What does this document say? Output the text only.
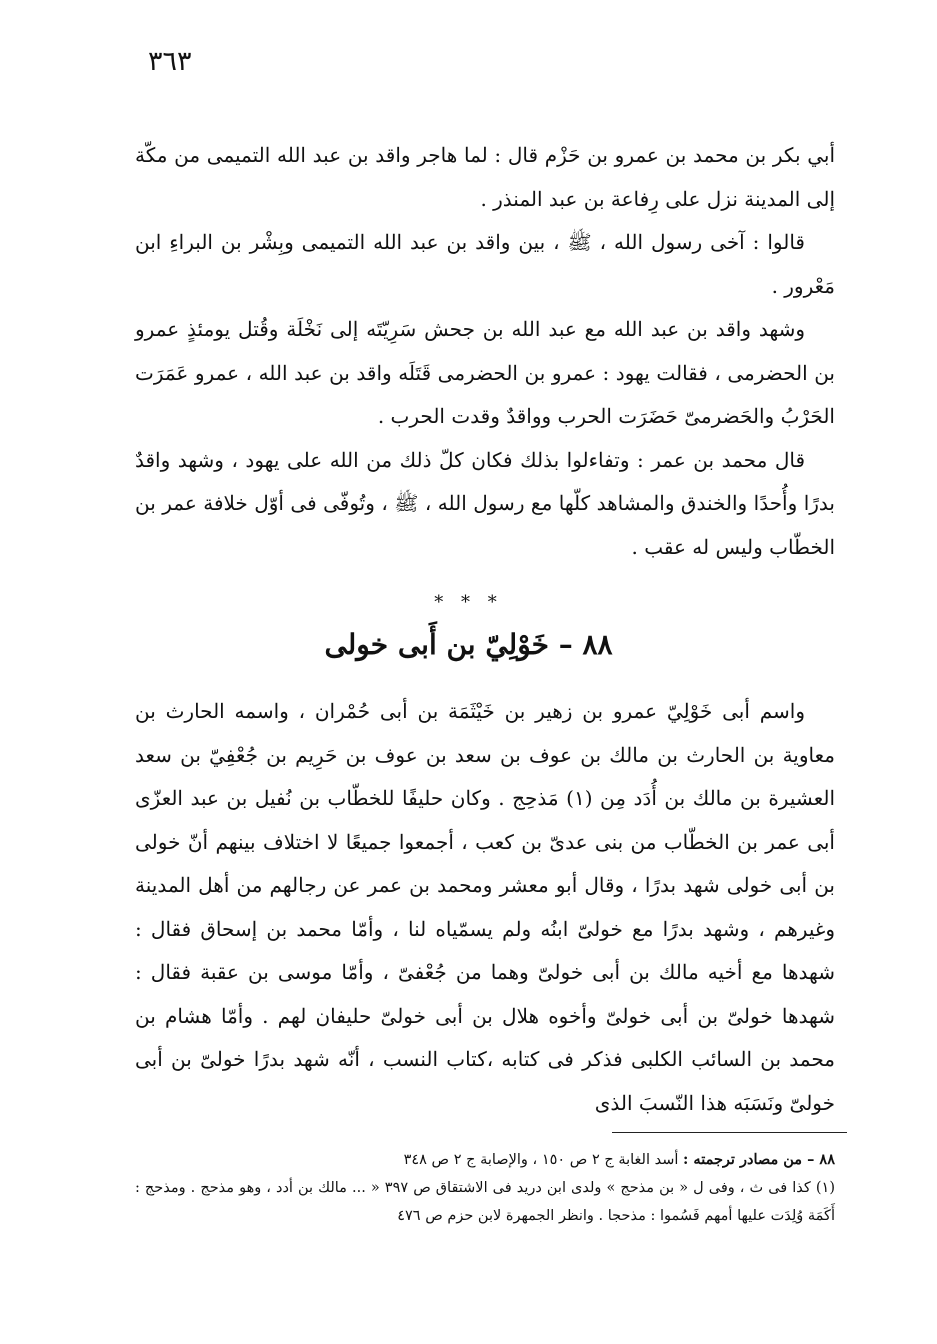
٣٦٣

أبي بكر بن محمد بن عمرو بن حَزْم قال : لما هاجر واقد بن عبد الله التميمى من مكّة إلى المدينة نزل على رِفاعة بن عبد المنذر .

قالوا : آخى رسول الله ، ﷺ ، بين واقد بن عبد الله التميمى وبِشْر بن البراءِ ابن مَعْرور .

وشهد واقد بن عبد الله مع عبد الله بن جحش سَرِيّتَه إلى نَخْلَة وقُتل يومئذٍ عمرو بن الحضرمى ، فقالت يهود : عمرو بن الحضرمى قَتَلَه واقد بن عبد الله ، عمرو عَمَرَت الحَرْبُ والحَضرمىّ حَضَرَت الحرب وواقدٌ وقدت الحرب .

قال محمد بن عمر : وتفاءلوا بذلك فكان كلّ ذلك من الله على يهود ، وشهد واقدٌ بدرًا وأُحدًا والخندق والمشاهد كلّها مع رسول الله ، ﷺ ، وتُوفّى فى أوّل خلافة عمر بن الخطّاب وليس له عقب .

* * *
٨٨ – خَوْلِيّ بن أَبى خولى

واسم أبى خَوْلِيّ عمرو بن زهير بن خَيْثَمَة بن أبى حُمْران ، واسمه الحارث بن معاوية بن الحارث بن مالك بن عوف بن سعد بن عوف بن حَرِيم بن جُعْفِيّ بن سعد العشيرة بن مالك بن أُدَد مِن (١) مَذحِج . وكان حليفًا للخطّاب بن نُفيل بن عبد العزّى أبى عمر بن الخطّاب من بنى عدىّ بن كعب ، أجمعوا جميعًا لا اختلاف بينهم أنّ خولى بن أبى خولى شهد بدرًا ، وقال أبو معشر ومحمد بن عمر عن رجالهم من أهل المدينة وغيرهم ، وشهد بدرًا مع خولىّ ابنُه ولم يسمّياه لنا ، وأمّا محمد بن إسحاق فقال : شهدها مع أخيه مالك بن أبى خولىّ وهما من جُعْفىّ ، وأمّا موسى بن عقبة فقال : شهدها خولىّ بن أبى خولىّ وأخوه هلال بن أبى خولىّ حليفان لهم . وأمّا هشام بن محمد بن السائب الكلبى فذكر فى كتابه ،كتاب النسب ، أنّه شهد بدرًا خولىّ بن أبى خولىّ ونَسَبَه هذا النّسبَ الذى

٨٨ – من مصادر ترجمته : أسد الغابة ج ٢ ص ١٥٠ ، والإصابة ج ٢ ص ٣٤٨

(١) كذا فى ث ، وفى ل « بن مذحج » ولدى ابن دريد فى الاشتقاق ص ٣٩٧ « ... مالك بن أدد ، وهو مذحج . ومذحج : أَكَمَة وُلِدَت عليها أمهم فَسُموا : مذحجا . وانظر الجمهرة لابن حزم ص ٤٧٦
